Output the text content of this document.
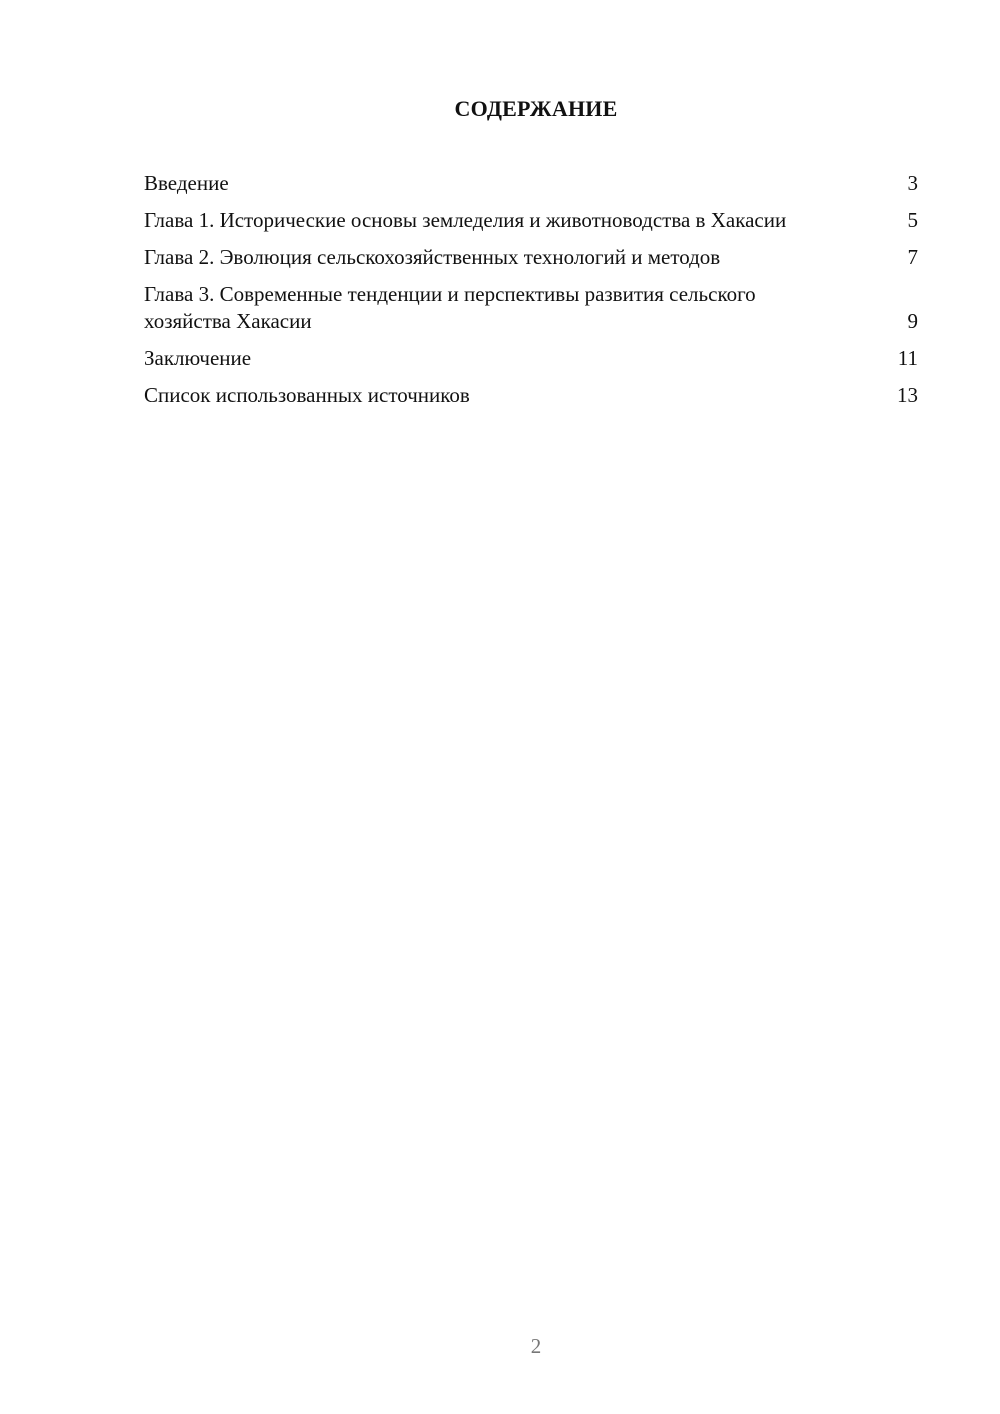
СОДЕРЖАНИЕ
Введение	3
Глава 1. Исторические основы земледелия и животноводства в Хакасии	5
Глава 2. Эволюция сельскохозяйственных технологий и методов	7
Глава 3. Современные тенденции и перспективы развития сельского хозяйства Хакасии	9
Заключение	11
Список использованных источников	13
2
